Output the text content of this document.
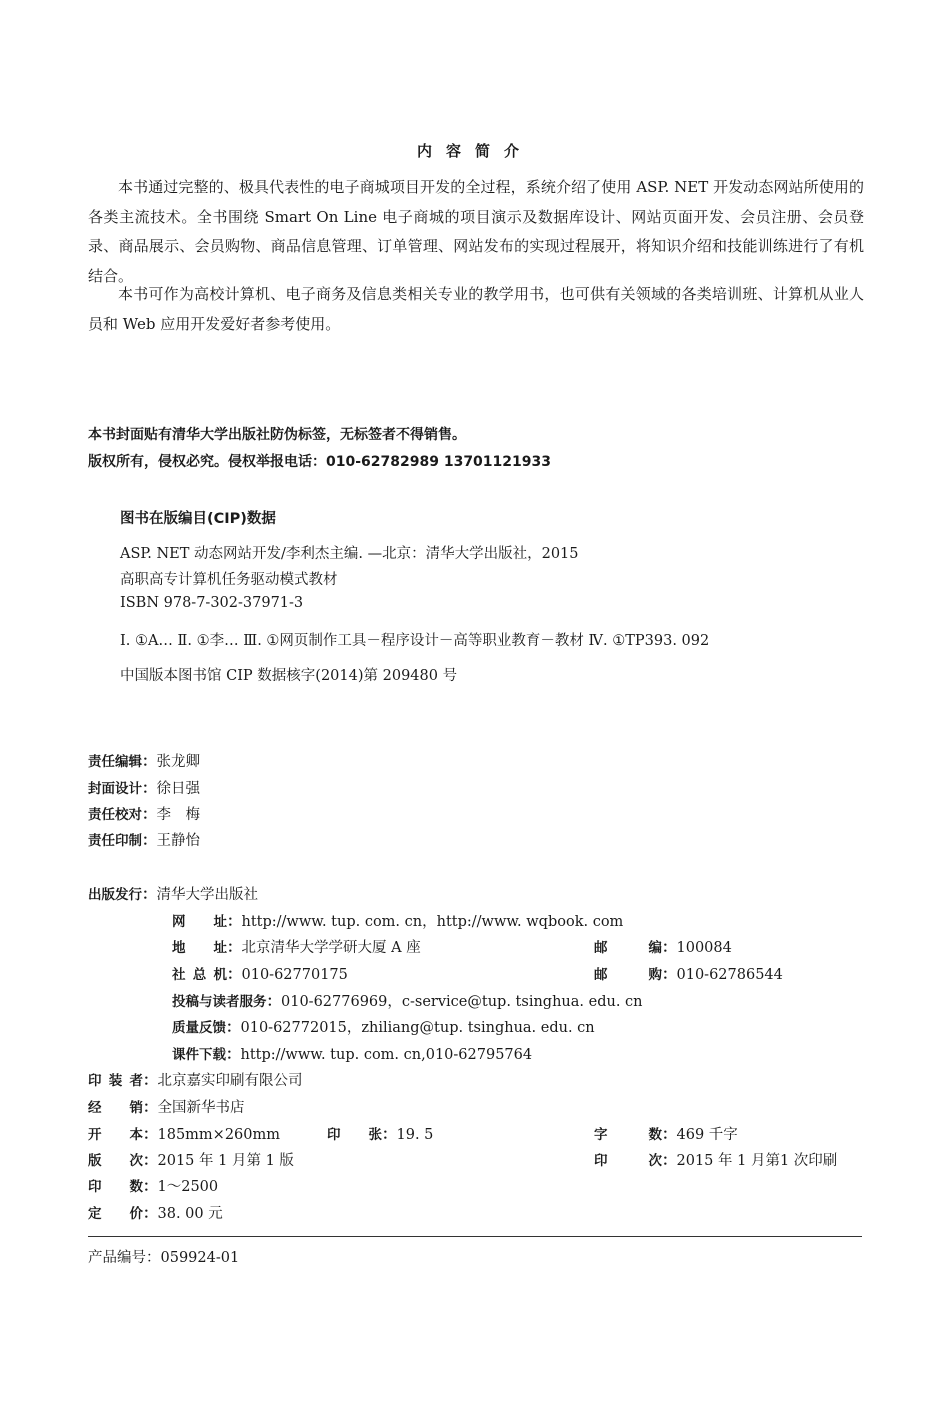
内容简介

本书通过完整的、极具代表性的电子商城项目开发的全过程，系统介绍了使用 ASP. NET 开发动态网站所使用的各类主流技术。全书围绕 Smart On Line 电子商城的项目演示及数据库设计、网站页面开发、会员注册、会员登录、商品展示、会员购物、商品信息管理、订单管理、网站发布的实现过程展开，将知识介绍和技能训练进行了有机结合。

本书可作为高校计算机、电子商务及信息类相关专业的教学用书，也可供有关领域的各类培训班、计算机从业人员和 Web 应用开发爱好者参考使用。

本书封面贴有清华大学出版社防伪标签，无标签者不得销售。
版权所有，侵权必究。侵权举报电话：010-62782989 13701121933
图书在版编目(CIP)数据
ASP. NET 动态网站开发/李利杰主编. —北京：清华大学出版社，2015
高职高专计算机任务驱动模式教材
ISBN 978-7-302-37971-3
Ⅰ. ①A… Ⅱ. ①李… Ⅲ. ①网页制作工具－程序设计－高等职业教育－教材 Ⅳ. ①TP393. 092
中国版本图书馆 CIP 数据核字(2014)第 209480 号
责任编辑：张龙卿
封面设计：徐日强
责任校对：李　梅
责任印制：王静怡
出版发行：清华大学出版社
网　址：http://www. tup. com. cn，http://www. wqbook. com
地　址：北京清华大学学研大厦 A 座	邮　编：100084
社总机：010-62770175	邮　购：010-62786544
投稿与读者服务：010-62776969，c-service@tup. tsinghua. edu. cn
质量反馈：010-62772015，zhiliang@tup. tsinghua. edu. cn
课件下载：http://www. tup. com. cn,010-62795764
印装者：北京嘉实印刷有限公司
经　销：全国新华书店
开　本：185mm×260mm	印　张：19. 5	字　数：469 千字
版　次：2015 年 1 月第 1 版	印　次：2015 年 1 月第1 次印刷
印　数：1～2500
定　价：38. 00 元
产品编号：059924-01
